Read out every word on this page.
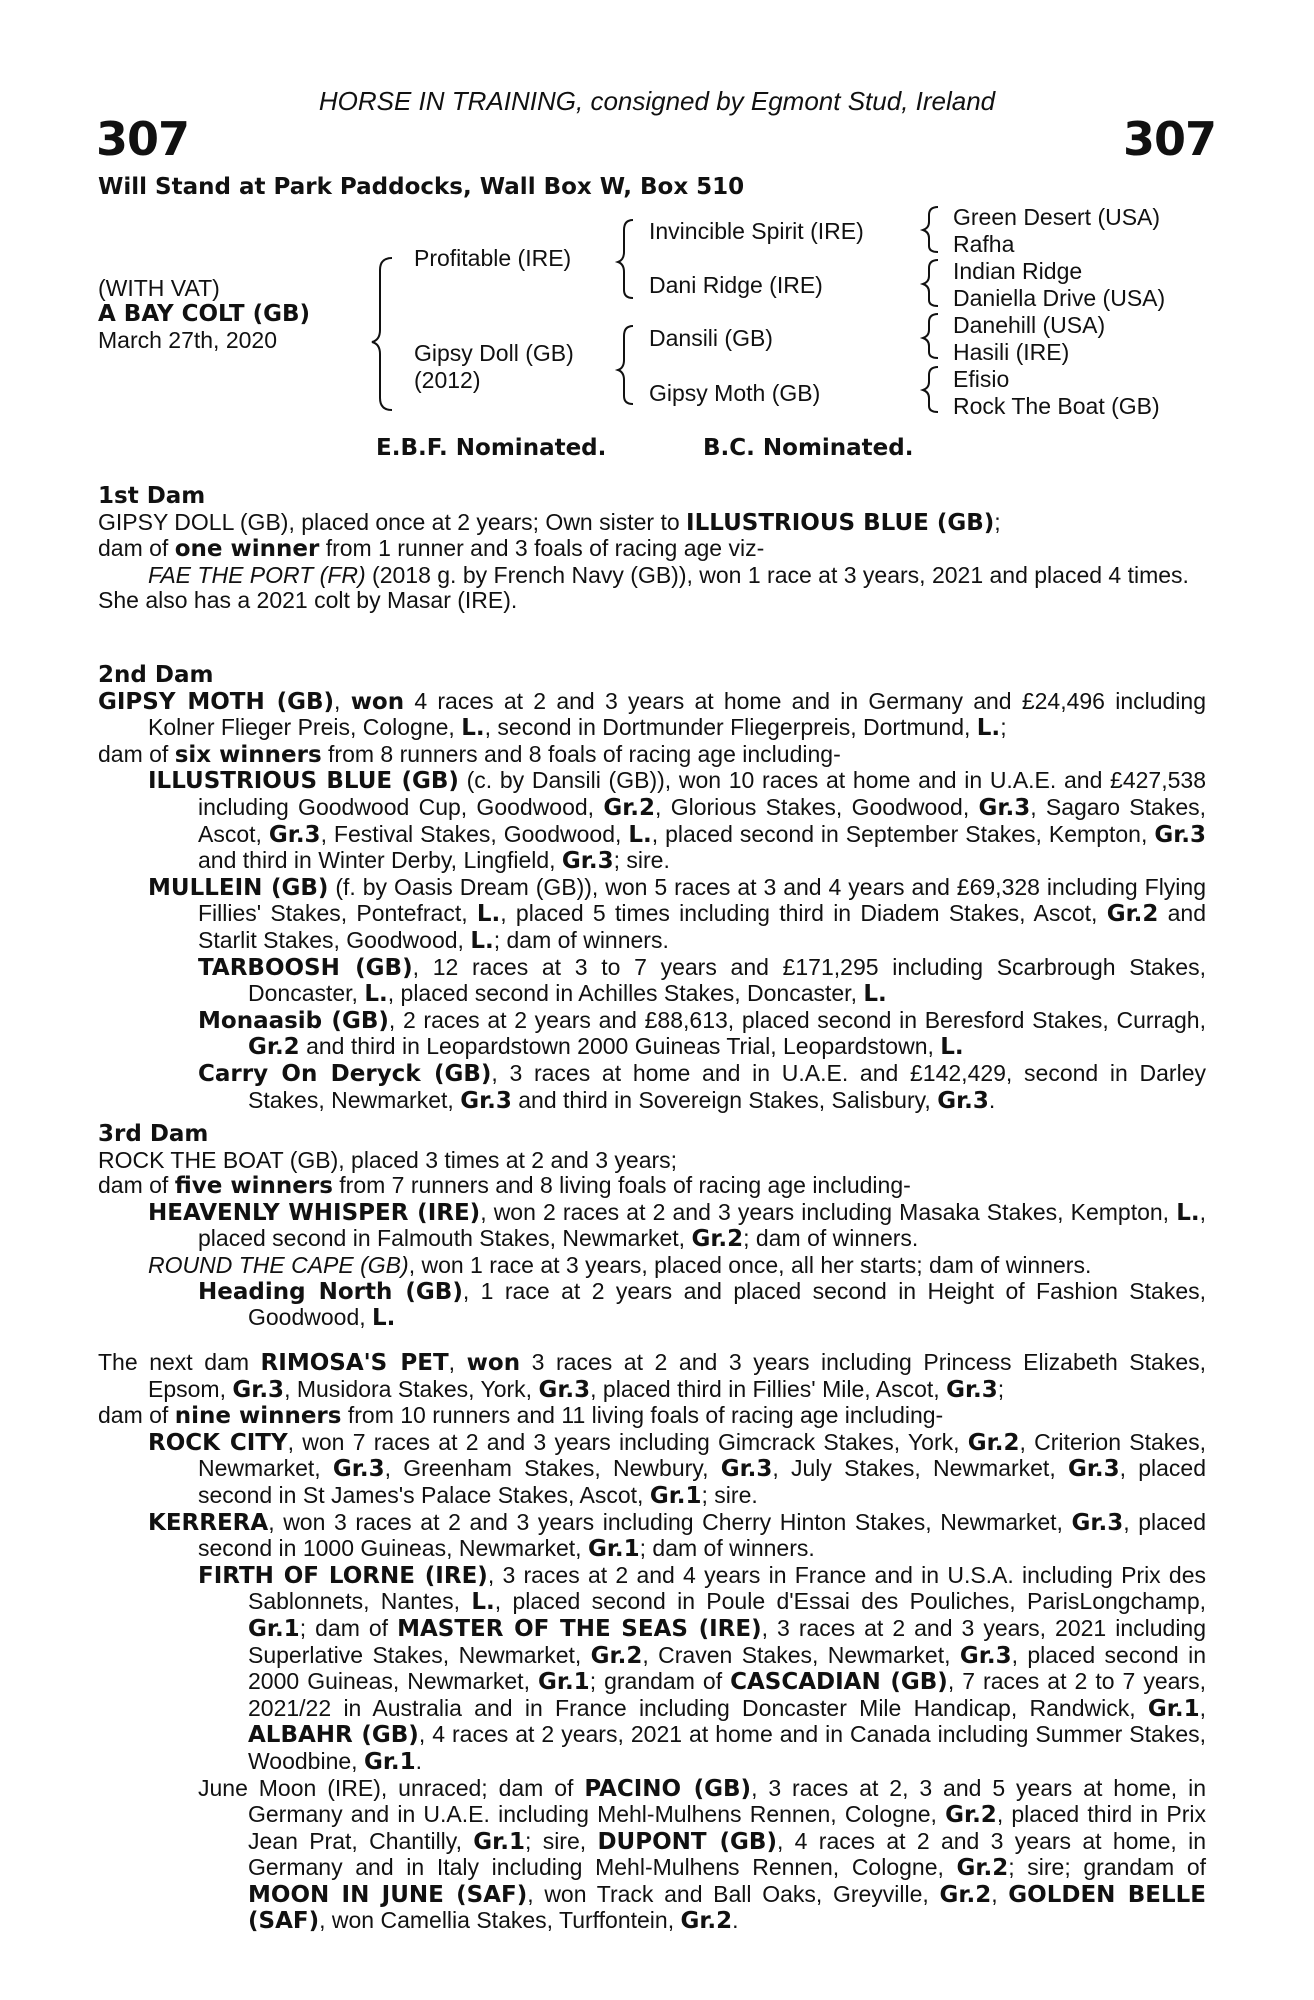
HORSE IN TRAINING, consigned by Egmont Stud, Ireland
307	307
Will Stand at Park Paddocks, Wall Box W, Box 510
(WITH VAT)
A BAY COLT (GB)
March 27th, 2020
Profitable (IRE)
Gipsy Doll (GB)
(2012)
Invincible Spirit (IRE)
Dani Ridge (IRE)
Dansili (GB)
Gipsy Moth (GB)
Green Desert (USA)
Rafha
Indian Ridge
Daniella Drive (USA)
Danehill (USA)
Hasili (IRE)
Efisio
Rock The Boat (GB)
E.B.F. Nominated.	B.C. Nominated.
1st Dam
GIPSY DOLL (GB), placed once at 2 years; Own sister to ILLUSTRIOUS BLUE (GB);
dam of one winner from 1 runner and 3 foals of racing age viz-
FAE THE PORT (FR) (2018 g. by French Navy (GB)), won 1 race at 3 years, 2021 and placed 4 times.
She also has a 2021 colt by Masar (IRE).
2nd Dam
GIPSY MOTH (GB), won 4 races at 2 and 3 years at home and in Germany and £24,496 including Kolner Flieger Preis, Cologne, L., second in Dortmunder Fliegerpreis, Dortmund, L.;
dam of six winners from 8 runners and 8 foals of racing age including-
ILLUSTRIOUS BLUE (GB) (c. by Dansili (GB)), won 10 races at home and in U.A.E. and £427,538 including Goodwood Cup, Goodwood, Gr.2, Glorious Stakes, Goodwood, Gr.3, Sagaro Stakes, Ascot, Gr.3, Festival Stakes, Goodwood, L., placed second in September Stakes, Kempton, Gr.3 and third in Winter Derby, Lingfield, Gr.3; sire.
MULLEIN (GB) (f. by Oasis Dream (GB)), won 5 races at 3 and 4 years and £69,328 including Flying Fillies' Stakes, Pontefract, L., placed 5 times including third in Diadem Stakes, Ascot, Gr.2 and Starlit Stakes, Goodwood, L.; dam of winners.
TARBOOSH (GB), 12 races at 3 to 7 years and £171,295 including Scarbrough Stakes, Doncaster, L., placed second in Achilles Stakes, Doncaster, L.
Monaasib (GB), 2 races at 2 years and £88,613, placed second in Beresford Stakes, Curragh, Gr.2 and third in Leopardstown 2000 Guineas Trial, Leopardstown, L.
Carry On Deryck (GB), 3 races at home and in U.A.E. and £142,429, second in Darley Stakes, Newmarket, Gr.3 and third in Sovereign Stakes, Salisbury, Gr.3.
3rd Dam
ROCK THE BOAT (GB), placed 3 times at 2 and 3 years;
dam of five winners from 7 runners and 8 living foals of racing age including-
HEAVENLY WHISPER (IRE), won 2 races at 2 and 3 years including Masaka Stakes, Kempton, L., placed second in Falmouth Stakes, Newmarket, Gr.2; dam of winners.
ROUND THE CAPE (GB), won 1 race at 3 years, placed once, all her starts; dam of winners.
Heading North (GB), 1 race at 2 years and placed second in Height of Fashion Stakes, Goodwood, L.
The next dam RIMOSA'S PET, won 3 races at 2 and 3 years including Princess Elizabeth Stakes, Epsom, Gr.3, Musidora Stakes, York, Gr.3, placed third in Fillies' Mile, Ascot, Gr.3;
dam of nine winners from 10 runners and 11 living foals of racing age including-
ROCK CITY, won 7 races at 2 and 3 years including Gimcrack Stakes, York, Gr.2, Criterion Stakes, Newmarket, Gr.3, Greenham Stakes, Newbury, Gr.3, July Stakes, Newmarket, Gr.3, placed second in St James's Palace Stakes, Ascot, Gr.1; sire.
KERRERA, won 3 races at 2 and 3 years including Cherry Hinton Stakes, Newmarket, Gr.3, placed second in 1000 Guineas, Newmarket, Gr.1; dam of winners.
FIRTH OF LORNE (IRE), 3 races at 2 and 4 years in France and in U.S.A. including Prix des Sablonnets, Nantes, L., placed second in Poule d'Essai des Pouliches, ParisLongchamp, Gr.1; dam of MASTER OF THE SEAS (IRE), 3 races at 2 and 3 years, 2021 including Superlative Stakes, Newmarket, Gr.2, Craven Stakes, Newmarket, Gr.3, placed second in 2000 Guineas, Newmarket, Gr.1; grandam of CASCADIAN (GB), 7 races at 2 to 7 years, 2021/22 in Australia and in France including Doncaster Mile Handicap, Randwick, Gr.1, ALBAHR (GB), 4 races at 2 years, 2021 at home and in Canada including Summer Stakes, Woodbine, Gr.1.
June Moon (IRE), unraced; dam of PACINO (GB), 3 races at 2, 3 and 5 years at home, in Germany and in U.A.E. including Mehl-Mulhens Rennen, Cologne, Gr.2, placed third in Prix Jean Prat, Chantilly, Gr.1; sire, DUPONT (GB), 4 races at 2 and 3 years at home, in Germany and in Italy including Mehl-Mulhens Rennen, Cologne, Gr.2; sire; grandam of MOON IN JUNE (SAF), won Track and Ball Oaks, Greyville, Gr.2, GOLDEN BELLE (SAF), won Camellia Stakes, Turffontein, Gr.2.
